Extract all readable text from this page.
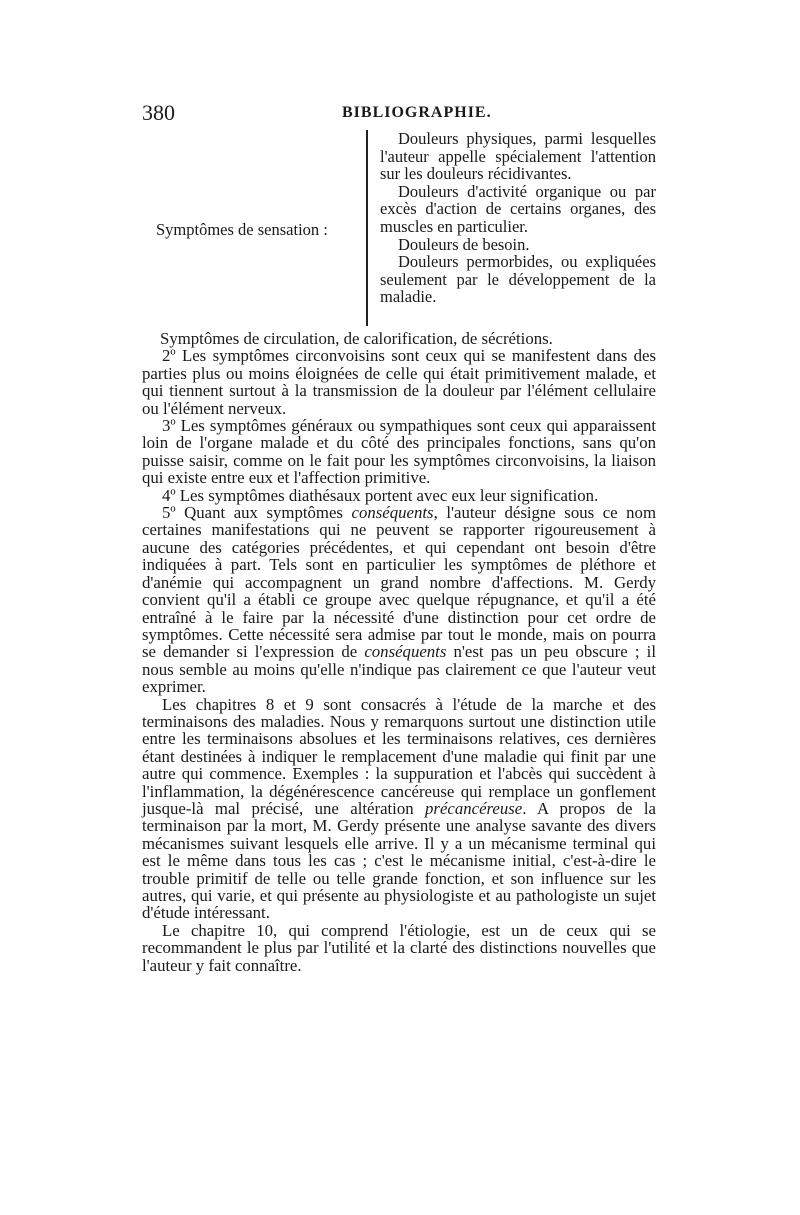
380	BIBLIOGRAPHIE.
Symptômes de sensation :
Douleurs physiques, parmi lesquelles l'auteur appelle spécialement l'attention sur les douleurs récidivantes.
Douleurs d'activité organique ou par excès d'action de certains organes, des muscles en particulier.
Douleurs de besoin.
Douleurs permorbides, ou expliquées seulement par le développement de la maladie.

Symptômes de circulation, de calorification, de sécrétions.

2º Les symptômes circonvoisins sont ceux qui se manifestent dans des parties plus ou moins éloignées de celle qui était primitivement malade, et qui tiennent surtout à la transmission de la douleur par l'élément cellulaire ou l'élément nerveux.

3º Les symptômes généraux ou sympathiques sont ceux qui apparaissent loin de l'organe malade et du côté des principales fonctions, sans qu'on puisse saisir, comme on le fait pour les symptômes circonvoisins, la liaison qui existe entre eux et l'affection primitive.

4º Les symptômes diathésaux portent avec eux leur signification.

5º Quant aux symptômes conséquents, l'auteur désigne sous ce nom certaines manifestations qui ne peuvent se rapporter rigoureusement à aucune des catégories précédentes, et qui cependant ont besoin d'être indiquées à part. Tels sont en particulier les symptômes de pléthore et d'anémie qui accompagnent un grand nombre d'affections. M. Gerdy convient qu'il a établi ce groupe avec quelque répugnance, et qu'il a été entraîné à le faire par la nécessité d'une distinction pour cet ordre de symptômes. Cette nécessité sera admise par tout le monde, mais on pourra se demander si l'expression de conséquents n'est pas un peu obscure ; il nous semble au moins qu'elle n'indique pas clairement ce que l'auteur veut exprimer.

Les chapitres 8 et 9 sont consacrés à l'étude de la marche et des terminaisons des maladies. Nous y remarquons surtout une distinction utile entre les terminaisons absolues et les terminaisons relatives, ces dernières étant destinées à indiquer le remplacement d'une maladie qui finit par une autre qui commence. Exemples : la suppuration et l'abcès qui succèdent à l'inflammation, la dégénérescence cancéreuse qui remplace un gonflement jusque-là mal précisé, une altération précancéreuse. A propos de la terminaison par la mort, M. Gerdy présente une analyse savante des divers mécanismes suivant lesquels elle arrive. Il y a un mécanisme terminal qui est le même dans tous les cas ; c'est le mécanisme initial, c'est-à-dire le trouble primitif de telle ou telle grande fonction, et son influence sur les autres, qui varie, et qui présente au physiologiste et au pathologiste un sujet d'étude intéressant.

Le chapitre 10, qui comprend l'étiologie, est un de ceux qui se recommandent le plus par l'utilité et la clarté des distinctions nouvelles que l'auteur y fait connaître.
